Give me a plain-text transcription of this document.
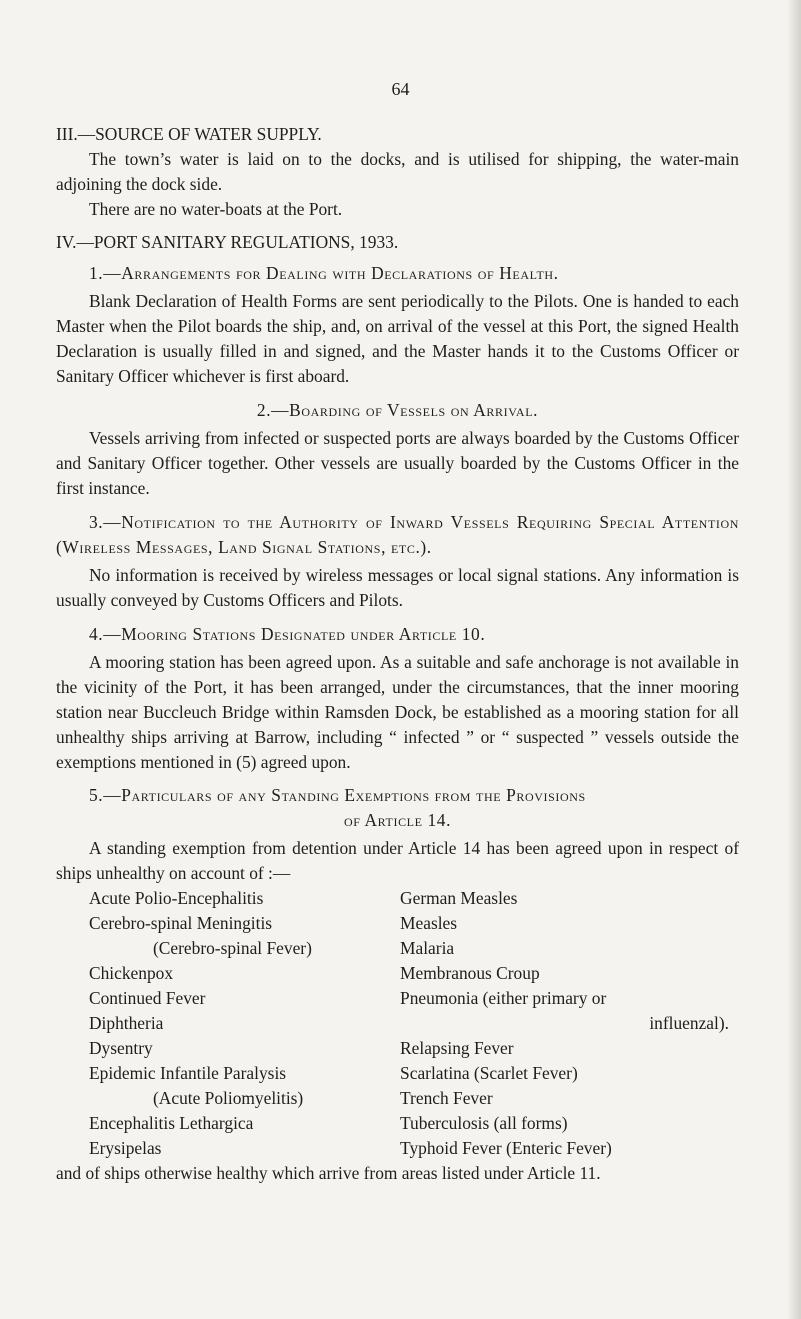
64
III.—SOURCE OF WATER SUPPLY.

The town’s water is laid on to the docks, and is utilised for shipping, the water-main adjoining the dock side.

There are no water-boats at the Port.

IV.—PORT SANITARY REGULATIONS, 1933.
1.—Arrangements for Dealing with Declarations of Health.

Blank Declaration of Health Forms are sent periodically to the Pilots. One is handed to each Master when the Pilot boards the ship, and, on arrival of the vessel at this Port, the signed Health Declaration is usually filled in and signed, and the Master hands it to the Customs Officer or Sanitary Officer whichever is first aboard.

2.—Boarding of Vessels on Arrival.

Vessels arriving from infected or suspected ports are always boarded by the Customs Officer and Sanitary Officer together. Other vessels are usually boarded by the Customs Officer in the first instance.

3.—Notification to the Authority of Inward Vessels Requiring Special Attention (Wireless Messages, Land Signal Stations, etc.).

No information is received by wireless messages or local signal stations. Any information is usually conveyed by Customs Officers and Pilots.

4.—Mooring Stations Designated under Article 10.

A mooring station has been agreed upon. As a suitable and safe anchorage is not available in the vicinity of the Port, it has been arranged, under the circumstances, that the inner mooring station near Buccleuch Bridge within Ramsden Dock, be established as a mooring station for all unhealthy ships arriving at Barrow, including “ infected ” or “ suspected ” vessels outside the exemptions mentioned in (5) agreed upon.

5.—Particulars of any Standing Exemptions from the Provisions
of Article 14.

A standing exemption from detention under Article 14 has been agreed upon in respect of ships unhealthy on account of :—

Acute Polio-Encephalitis
Cerebro-spinal Meningitis
(Cerebro-spinal Fever)
Chickenpox
Continued Fever
Diphtheria
Dysentry
Epidemic Infantile Paralysis
(Acute Poliomyelitis)
Encephalitis Lethargica
Erysipelas
German Measles
Measles
Malaria
Membranous Croup
Pneumonia (either primary or
influenzal).
Relapsing Fever
Scarlatina (Scarlet Fever)
Trench Fever
Tuberculosis (all forms)
Typhoid Fever (Enteric Fever)

and of ships otherwise healthy which arrive from areas listed under Article 11.
